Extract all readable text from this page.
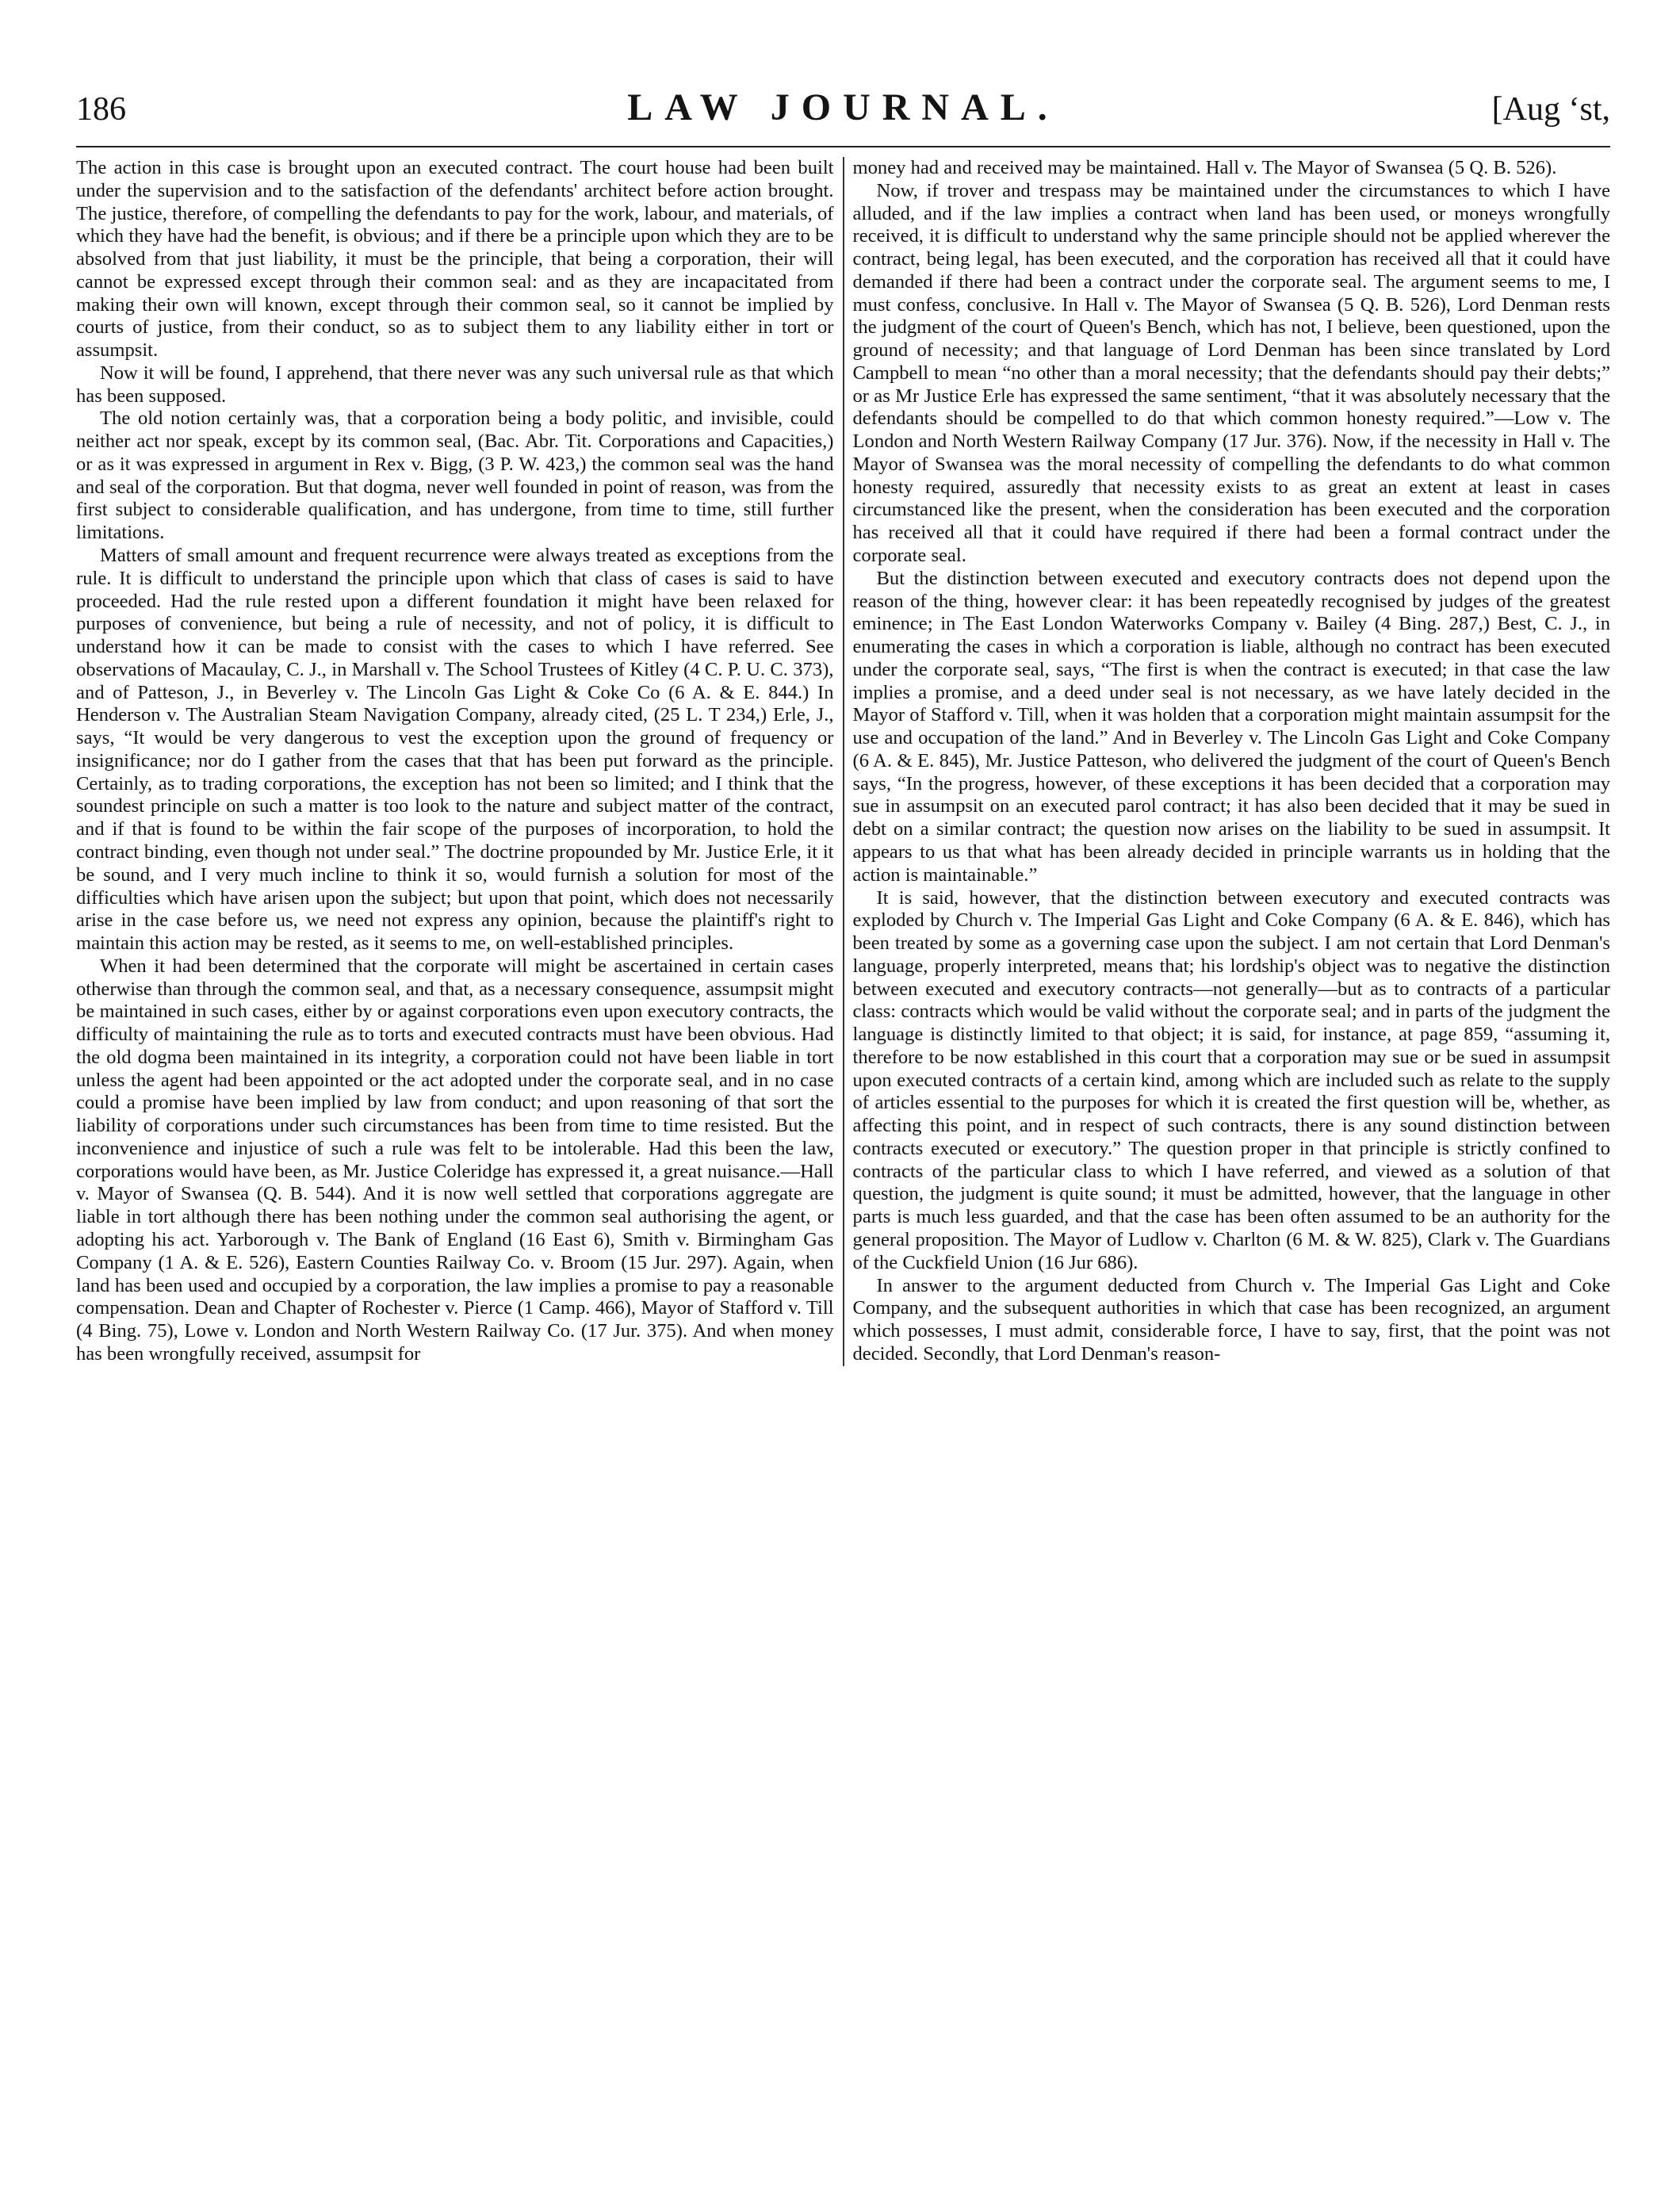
186	LAW JOURNAL.	[Aug ‘st,

The action in this case is brought upon an executed contract. The court house had been built under the supervision and to the satisfaction of the defendants' architect before action brought. The justice, therefore, of compelling the defendants to pay for the work, labour, and materials, of which they have had the benefit, is obvious; and if there be a principle upon which they are to be absolved from that just liability, it must be the principle, that being a corporation, their will cannot be expressed except through their common seal: and as they are incapacitated from making their own will known, except through their common seal, so it cannot be implied by courts of justice, from their conduct, so as to subject them to any liability either in tort or assumpsit.

Now it will be found, I apprehend, that there never was any such universal rule as that which has been supposed.

The old notion certainly was, that a corporation being a body politic, and invisible, could neither act nor speak, except by its common seal, (Bac. Abr. Tit. Corporations and Capacities,) or as it was expressed in argument in Rex v. Bigg, (3 P. W. 423,) the common seal was the hand and seal of the corporation. But that dogma, never well founded in point of reason, was from the first subject to considerable qualification, and has undergone, from time to time, still further limitations.

Matters of small amount and frequent recurrence were always treated as exceptions from the rule. It is difficult to understand the principle upon which that class of cases is said to have proceeded. Had the rule rested upon a different foundation it might have been relaxed for purposes of convenience, but being a rule of necessity, and not of policy, it is difficult to understand how it can be made to consist with the cases to which I have referred. See observations of Macaulay, C. J., in Marshall v. The School Trustees of Kitley (4 C. P. U. C. 373), and of Patteson, J., in Beverley v. The Lincoln Gas Light & Coke Co (6 A. & E. 844.) In Henderson v. The Australian Steam Navigation Company, already cited, (25 L. T 234,) Erle, J., says, “It would be very dangerous to vest the exception upon the ground of frequency or insignificance; nor do I gather from the cases that that has been put forward as the principle. Certainly, as to trading corporations, the exception has not been so limited; and I think that the soundest principle on such a matter is too look to the nature and subject matter of the contract, and if that is found to be within the fair scope of the purposes of incorporation, to hold the contract binding, even though not under seal.” The doctrine propounded by Mr. Justice Erle, it it be sound, and I very much incline to think it so, would furnish a solution for most of the difficulties which have arisen upon the subject; but upon that point, which does not necessarily arise in the case before us, we need not express any opinion, because the plaintiff's right to maintain this action may be rested, as it seems to me, on well-established principles.

When it had been determined that the corporate will might be ascertained in certain cases otherwise than through the common seal, and that, as a necessary consequence, assumpsit might be maintained in such cases, either by or against corporations even upon executory contracts, the difficulty of maintaining the rule as to torts and executed contracts must have been obvious. Had the old dogma been maintained in its integrity, a corporation could not have been liable in tort unless the agent had been appointed or the act adopted under the corporate seal, and in no case could a promise have been implied by law from conduct; and upon reasoning of that sort the liability of corporations under such circumstances has been from time to time resisted. But the inconvenience and injustice of such a rule was felt to be intolerable. Had this been the law, corporations would have been, as Mr. Justice Coleridge has expressed it, a great nuisance.—Hall v. Mayor of Swansea (Q. B. 544). And it is now well settled that corporations aggregate are liable in tort although there has been nothing under the common seal authorising the agent, or adopting his act. Yarborough v. The Bank of England (16 East 6), Smith v. Birmingham Gas Company (1 A. & E. 526), Eastern Counties Railway Co. v. Broom (15 Jur. 297). Again, when land has been used and occupied by a corporation, the law implies a promise to pay a reasonable compensation. Dean and Chapter of Rochester v. Pierce (1 Camp. 466), Mayor of Stafford v. Till (4 Bing. 75), Lowe v. London and North Western Railway Co. (17 Jur. 375). And when money has been wrongfully received, assumpsit for

money had and received may be maintained. Hall v. The Mayor of Swansea (5 Q. B. 526).

Now, if trover and trespass may be maintained under the circumstances to which I have alluded, and if the law implies a contract when land has been used, or moneys wrongfully received, it is difficult to understand why the same principle should not be applied wherever the contract, being legal, has been executed, and the corporation has received all that it could have demanded if there had been a contract under the corporate seal. The argument seems to me, I must confess, conclusive. In Hall v. The Mayor of Swansea (5 Q. B. 526), Lord Denman rests the judgment of the court of Queen's Bench, which has not, I believe, been questioned, upon the ground of necessity; and that language of Lord Denman has been since translated by Lord Campbell to mean “no other than a moral necessity; that the defendants should pay their debts;” or as Mr Justice Erle has expressed the same sentiment, “that it was absolutely necessary that the defendants should be compelled to do that which common honesty required.”—Low v. The London and North Western Railway Company (17 Jur. 376). Now, if the necessity in Hall v. The Mayor of Swansea was the moral necessity of compelling the defendants to do what common honesty required, assuredly that necessity exists to as great an extent at least in cases circumstanced like the present, when the consideration has been executed and the corporation has received all that it could have required if there had been a formal contract under the corporate seal.

But the distinction between executed and executory contracts does not depend upon the reason of the thing, however clear: it has been repeatedly recognised by judges of the greatest eminence; in The East London Waterworks Company v. Bailey (4 Bing. 287,) Best, C. J., in enumerating the cases in which a corporation is liable, although no contract has been executed under the corporate seal, says, “The first is when the contract is executed; in that case the law implies a promise, and a deed under seal is not necessary, as we have lately decided in the Mayor of Stafford v. Till, when it was holden that a corporation might maintain assumpsit for the use and occupation of the land.” And in Beverley v. The Lincoln Gas Light and Coke Company (6 A. & E. 845), Mr. Justice Patteson, who delivered the judgment of the court of Queen's Bench says, “In the progress, however, of these exceptions it has been decided that a corporation may sue in assumpsit on an executed parol contract; it has also been decided that it may be sued in debt on a similar contract; the question now arises on the liability to be sued in assumpsit. It appears to us that what has been already decided in principle warrants us in holding that the action is maintainable.”

It is said, however, that the distinction between executory and executed contracts was exploded by Church v. The Imperial Gas Light and Coke Company (6 A. & E. 846), which has been treated by some as a governing case upon the subject. I am not certain that Lord Denman's language, properly interpreted, means that; his lordship's object was to negative the distinction between executed and executory contracts—not generally—but as to contracts of a particular class: contracts which would be valid without the corporate seal; and in parts of the judgment the language is distinctly limited to that object; it is said, for instance, at page 859, “assuming it, therefore to be now established in this court that a corporation may sue or be sued in assumpsit upon executed contracts of a certain kind, among which are included such as relate to the supply of articles essential to the purposes for which it is created the first question will be, whether, as affecting this point, and in respect of such contracts, there is any sound distinction between contracts executed or executory.” The question proper in that principle is strictly confined to contracts of the particular class to which I have referred, and viewed as a solution of that question, the judgment is quite sound; it must be admitted, however, that the language in other parts is much less guarded, and that the case has been often assumed to be an authority for the general proposition. The Mayor of Ludlow v. Charlton (6 M. & W. 825), Clark v. The Guardians of the Cuckfield Union (16 Jur 686).

In answer to the argument deducted from Church v. The Imperial Gas Light and Coke Company, and the subsequent authorities in which that case has been recognized, an argument which possesses, I must admit, considerable force, I have to say, first, that the point was not decided. Secondly, that Lord Denman's reason-
